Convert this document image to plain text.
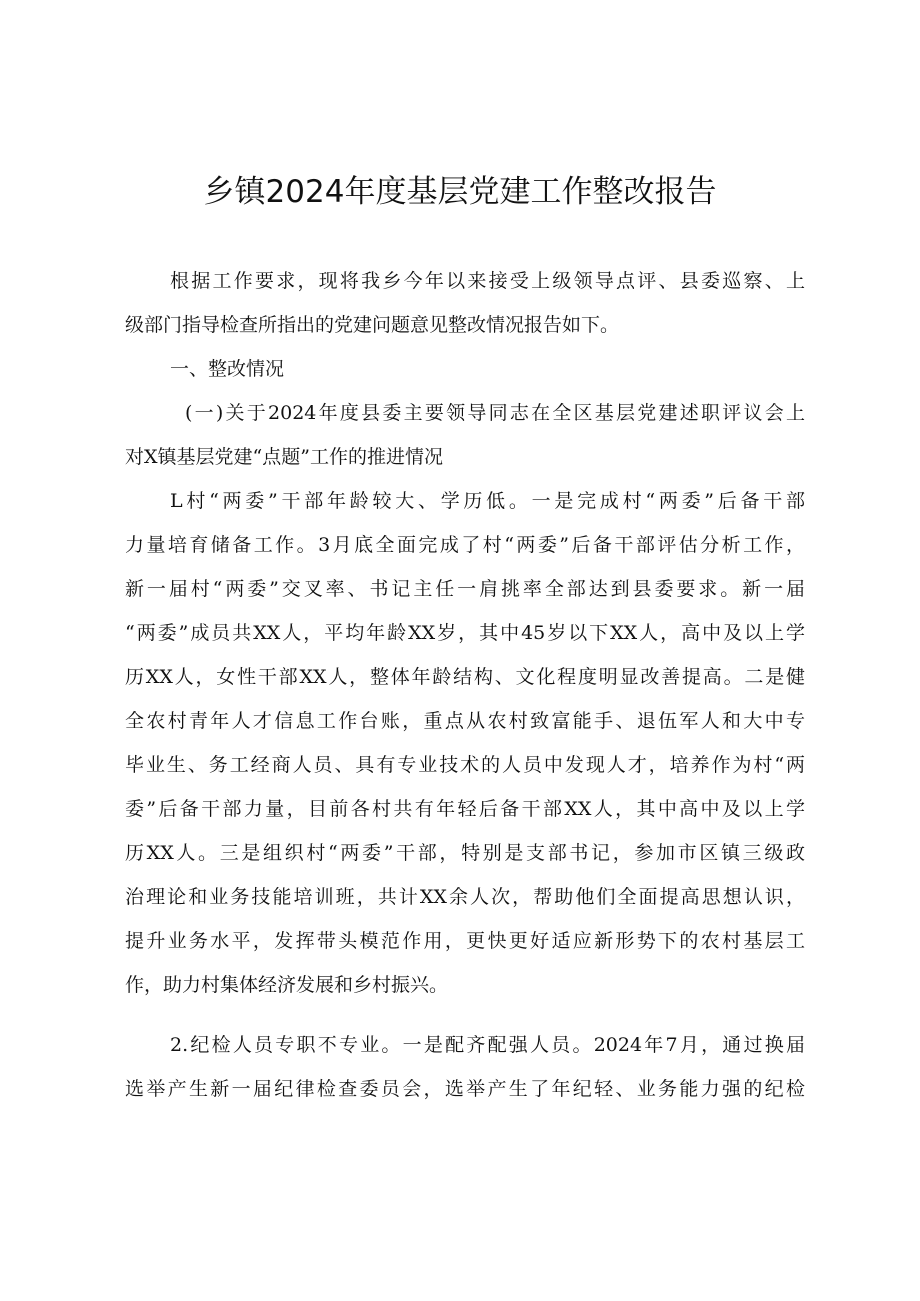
乡镇2024年度基层党建工作整改报告
根据工作要求，现将我乡今年以来接受上级领导点评、县委巡察、上
级部门指导检查所指出的党建问题意见整改情况报告如下。
一、整改情况
(一)关于2024年度县委主要领导同志在全区基层党建述职评议会上
对X镇基层党建“点题”工作的推进情况
L村“两委”干部年龄较大、学历低。一是完成村“两委”后备干部
力量培育储备工作。3月底全面完成了村“两委”后备干部评估分析工作，
新一届村“两委”交叉率、书记主任一肩挑率全部达到县委要求。新一届
“两委”成员共XX人，平均年龄XX岁，其中45岁以下XX人，高中及以上学
历XX人，女性干部XX人，整体年龄结构、文化程度明显改善提高。二是健
全农村青年人才信息工作台账，重点从农村致富能手、退伍军人和大中专
毕业生、务工经商人员、具有专业技术的人员中发现人才，培养作为村“两
委”后备干部力量，目前各村共有年轻后备干部XX人，其中高中及以上学
历XX人。三是组织村“两委”干部，特别是支部书记，参加市区镇三级政
治理论和业务技能培训班，共计XX余人次，帮助他们全面提高思想认识，
提升业务水平，发挥带头模范作用，更快更好适应新形势下的农村基层工
作，助力村集体经济发展和乡村振兴。
2.纪检人员专职不专业。一是配齐配强人员。2024年7月，通过换届
选举产生新一届纪律检查委员会，选举产生了年纪轻、业务能力强的纪检
